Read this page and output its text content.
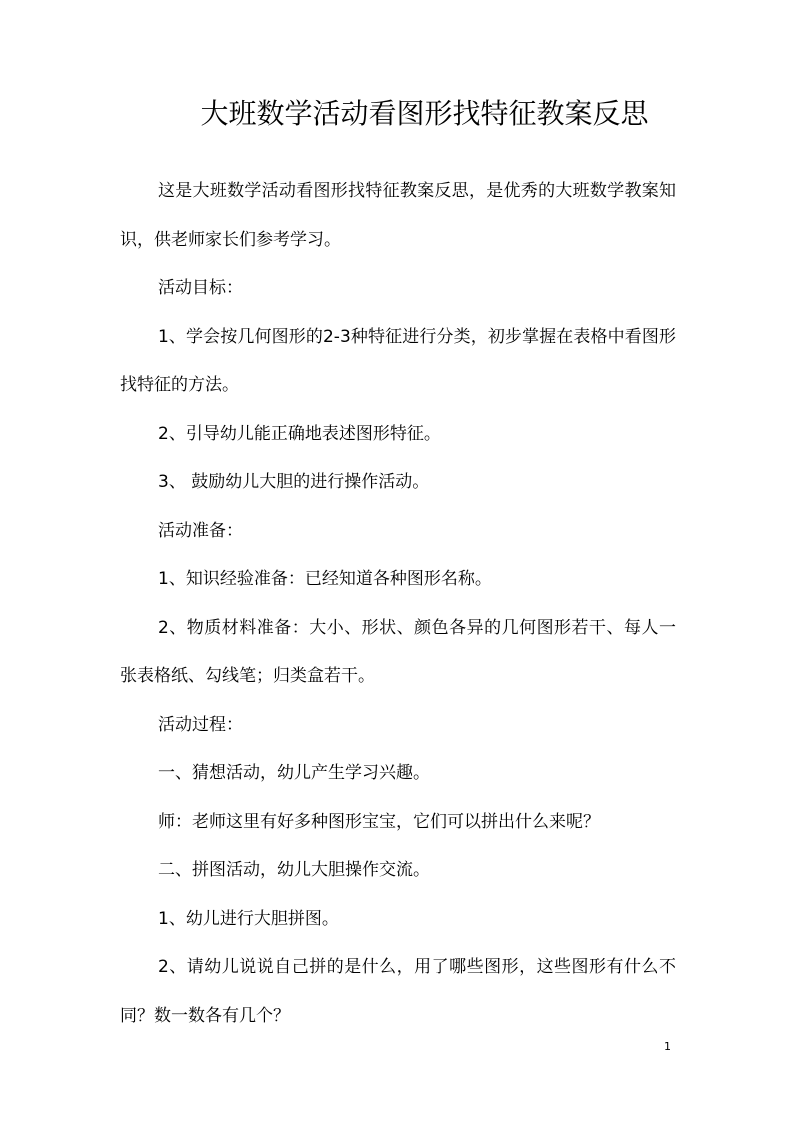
大班数学活动看图形找特征教案反思

这是大班数学活动看图形找特征教案反思，是优秀的大班数学教案知识，供老师家长们参考学习。

活动目标：

1、学会按几何图形的2-3种特征进行分类，初步掌握在表格中看图形找特征的方法。

2、引导幼儿能正确地表述图形特征。

3、 鼓励幼儿大胆的进行操作活动。

活动准备：

1、知识经验准备：已经知道各种图形名称。

2、物质材料准备：大小、形状、颜色各异的几何图形若干、每人一张表格纸、勾线笔；归类盒若干。

活动过程：

一、猜想活动，幼儿产生学习兴趣。

师：老师这里有好多种图形宝宝，它们可以拼出什么来呢？

二、拼图活动，幼儿大胆操作交流。

1、幼儿进行大胆拼图。

2、请幼儿说说自己拼的是什么，用了哪些图形，这些图形有什么不同？数一数各有几个？

1
